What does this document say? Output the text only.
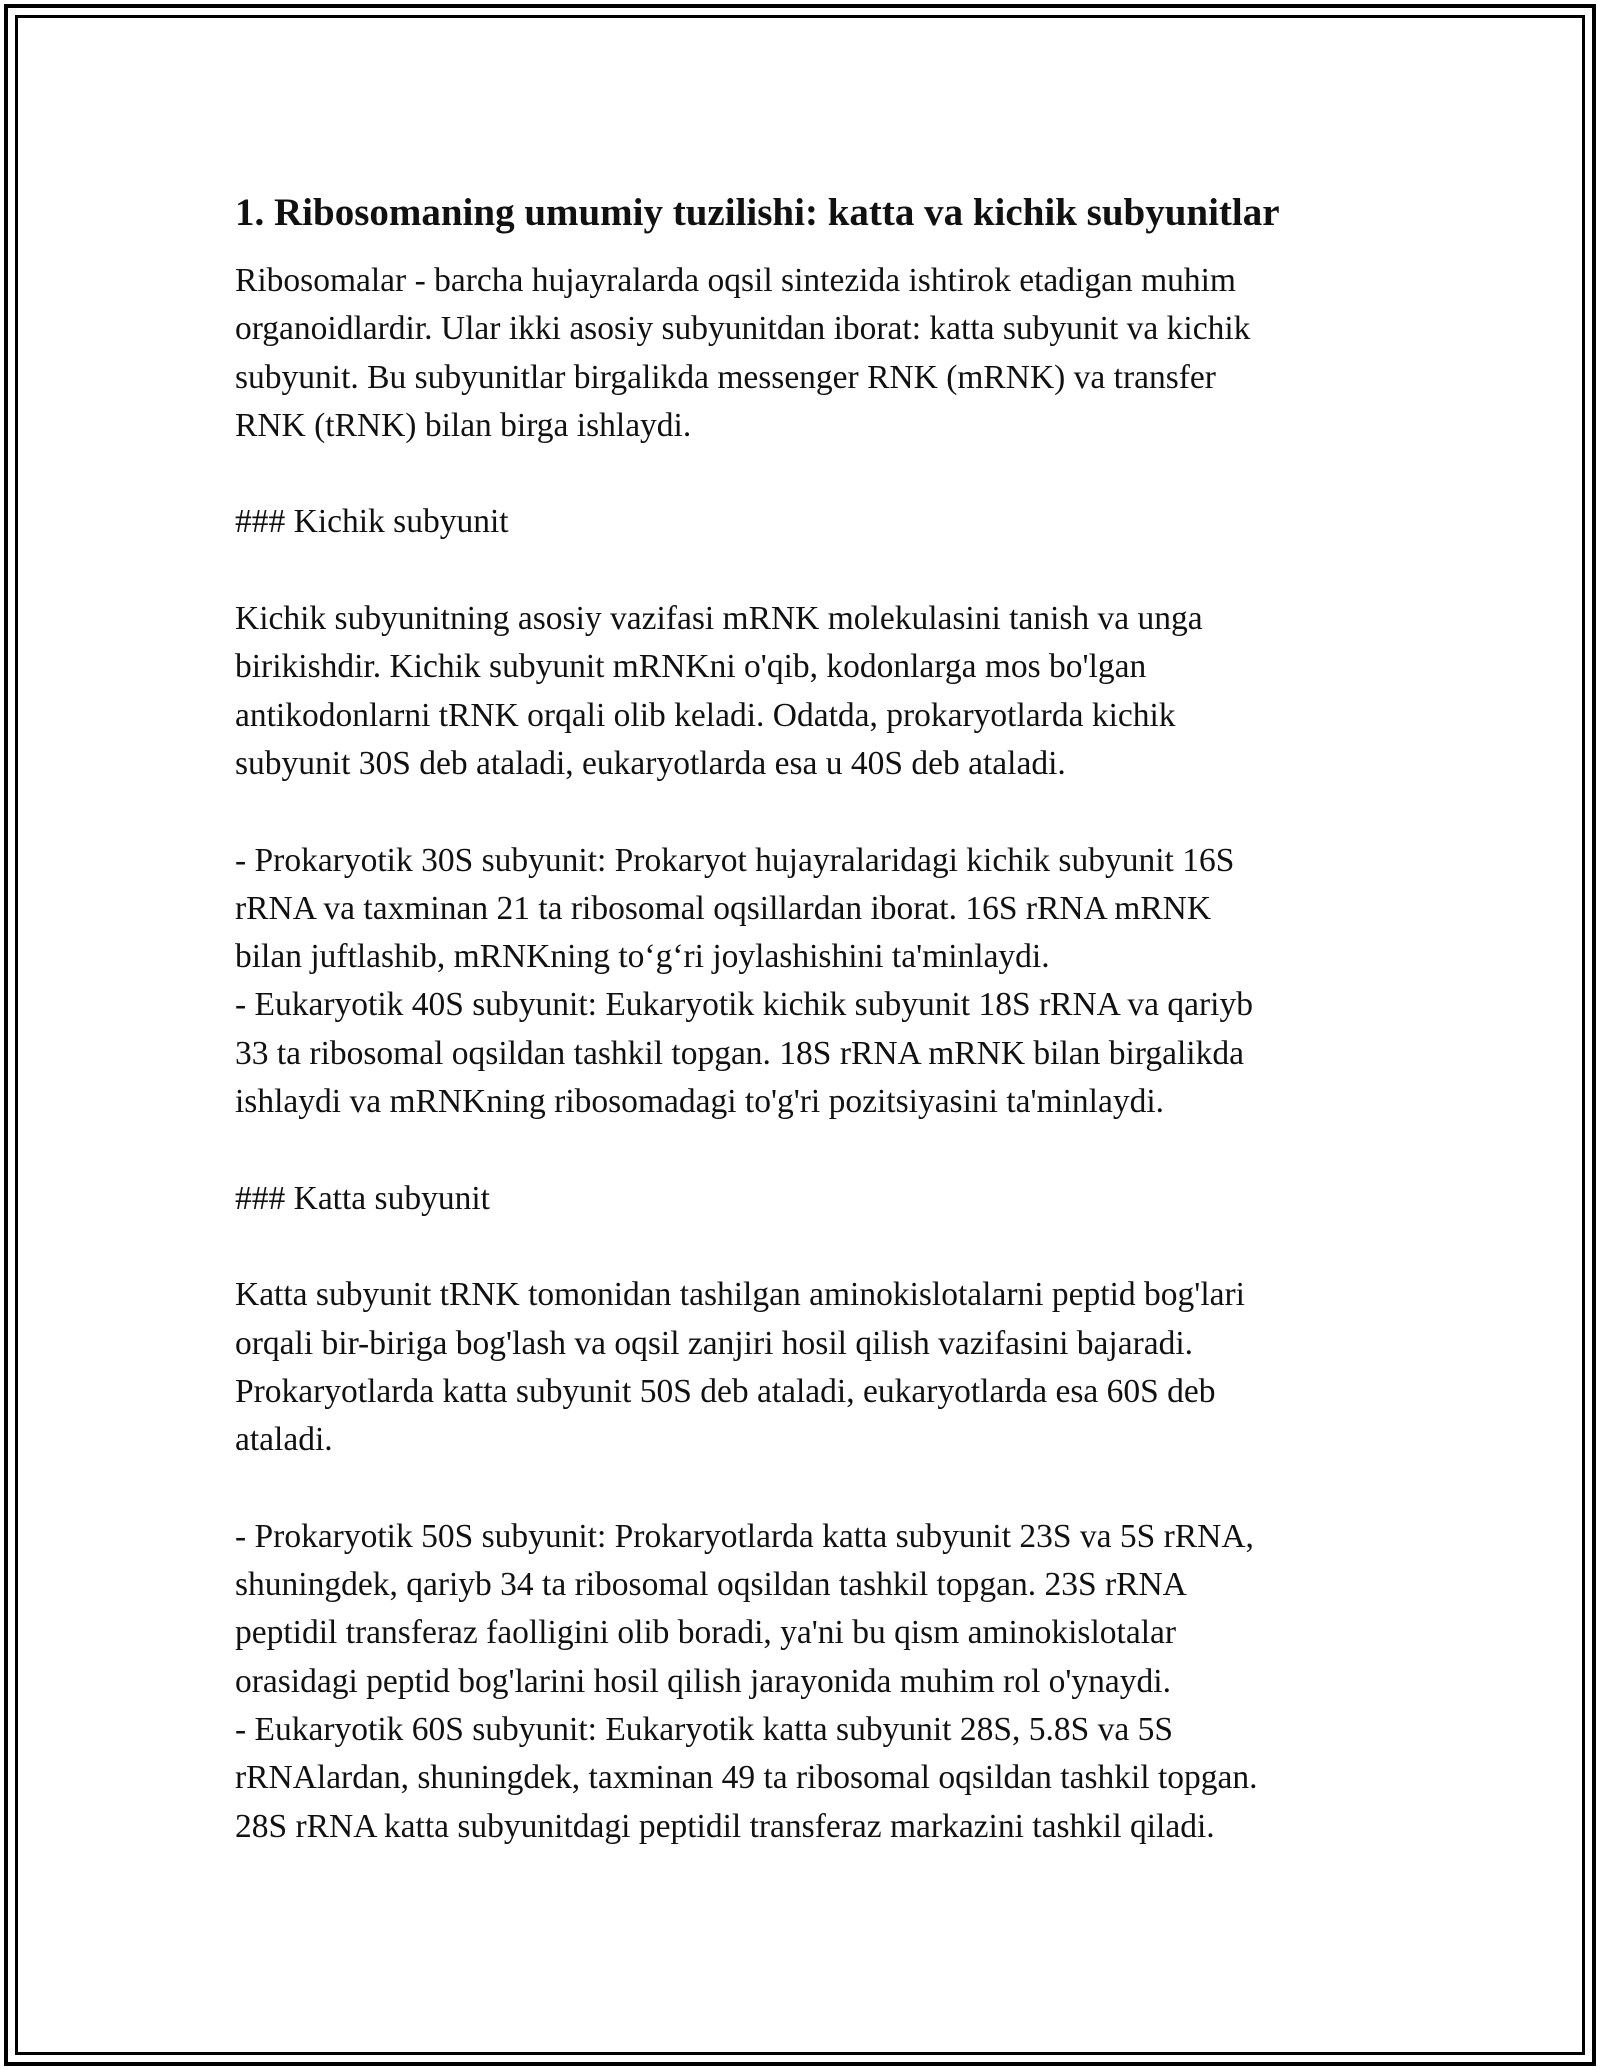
1. Ribosomaning umumiy tuzilishi: katta va kichik subyunitlar

Ribosomalar - barcha hujayralarda oqsil sintezida ishtirok etadigan muhim

organoidlardir. Ular ikki asosiy subyunitdan iborat: katta subyunit va kichik

subyunit. Bu subyunitlar birgalikda messenger RNK (mRNK) va transfer

RNK (tRNK) bilan birga ishlaydi.

### Kichik subyunit

Kichik subyunitning asosiy vazifasi mRNK molekulasini tanish va unga

birikishdir. Kichik subyunit mRNKni o'qib, kodonlarga mos bo'lgan

antikodonlarni tRNK orqali olib keladi. Odatda, prokaryotlarda kichik

subyunit 30S deb ataladi, eukaryotlarda esa u 40S deb ataladi.

- Prokaryotik 30S subyunit: Prokaryot hujayralaridagi kichik subyunit 16S

rRNA va taxminan 21 ta ribosomal oqsillardan iborat. 16S rRNA mRNK

bilan juftlashib, mRNKning to‘g‘ri joylashishini ta'minlaydi.

- Eukaryotik 40S subyunit: Eukaryotik kichik subyunit 18S rRNA va qariyb

33 ta ribosomal oqsildan tashkil topgan. 18S rRNA mRNK bilan birgalikda

ishlaydi va mRNKning ribosomadagi to'g'ri pozitsiyasini ta'minlaydi.

### Katta subyunit

Katta subyunit tRNK tomonidan tashilgan aminokislotalarni peptid bog'lari

orqali bir-biriga bog'lash va oqsil zanjiri hosil qilish vazifasini bajaradi.

Prokaryotlarda katta subyunit 50S deb ataladi, eukaryotlarda esa 60S deb

ataladi.

- Prokaryotik 50S subyunit: Prokaryotlarda katta subyunit 23S va 5S rRNA,

shuningdek, qariyb 34 ta ribosomal oqsildan tashkil topgan. 23S rRNA

peptidil transferaz faolligini olib boradi, ya'ni bu qism aminokislotalar

orasidagi peptid bog'larini hosil qilish jarayonida muhim rol o'ynaydi.

- Eukaryotik 60S subyunit: Eukaryotik katta subyunit 28S, 5.8S va 5S

rRNAlardan, shuningdek, taxminan 49 ta ribosomal oqsildan tashkil topgan.

28S rRNA katta subyunitdagi peptidil transferaz markazini tashkil qiladi.
